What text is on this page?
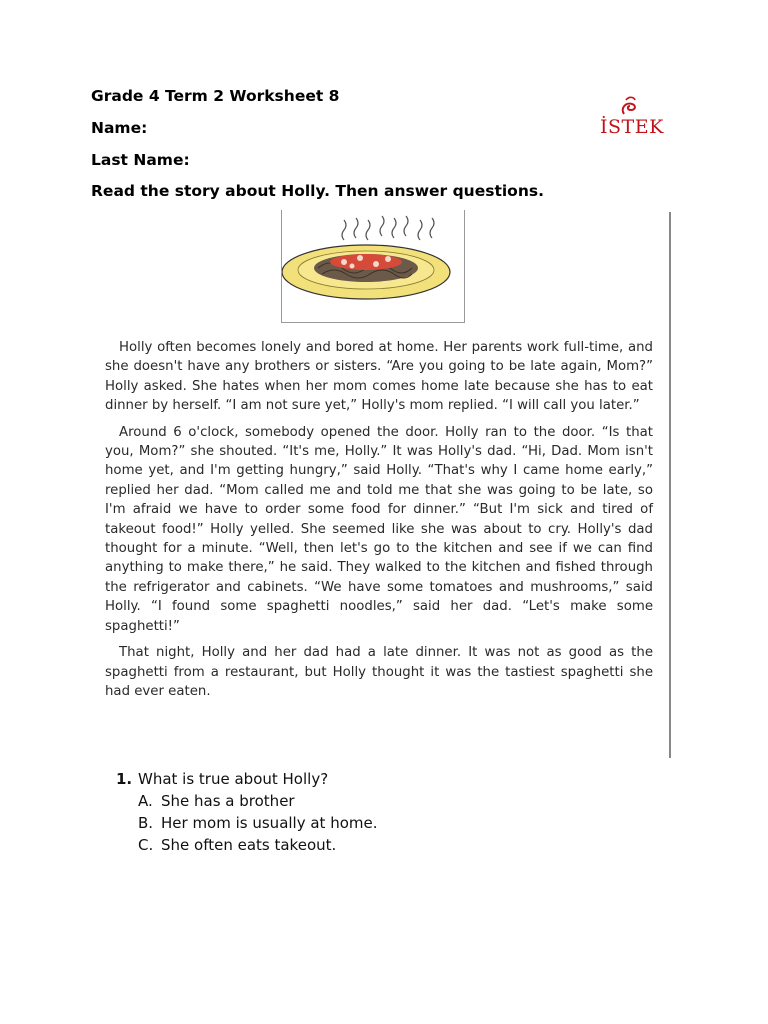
Grade 4 Term 2 Worksheet 8
Name:
Last Name:
Read the story about Holly. Then answer questions.
İSTEK

Holly often becomes lonely and bored at home. Her parents work full-time, and she doesn't have any brothers or sisters. “Are you going to be late again, Mom?” Holly asked. She hates when her mom comes home late because she has to eat dinner by herself. “I am not sure yet,” Holly's mom replied. “I will call you later.”

Around 6 o'clock, somebody opened the door. Holly ran to the door. “Is that you, Mom?” she shouted. “It's me, Holly.” It was Holly's dad. “Hi, Dad. Mom isn't home yet, and I'm getting hungry,” said Holly. “That's why I came home early,” replied her dad. “Mom called me and told me that she was going to be late, so I'm afraid we have to order some food for dinner.” “But I'm sick and tired of takeout food!” Holly yelled. She seemed like she was about to cry. Holly's dad thought for a minute. “Well, then let's go to the kitchen and see if we can find anything to make there,” he said. They walked to the kitchen and fished through the refrigerator and cabinets. “We have some tomatoes and mushrooms,” said Holly. “I found some spaghetti noodles,” said her dad. “Let's make some spaghetti!”

That night, Holly and her dad had a late dinner. It was not as good as the spaghetti from a restaurant, but Holly thought it was the tastiest spaghetti she had ever eaten.

1. What is true about Holly?
A. She has a brother
B. Her mom is usually at home.
C. She often eats takeout.
